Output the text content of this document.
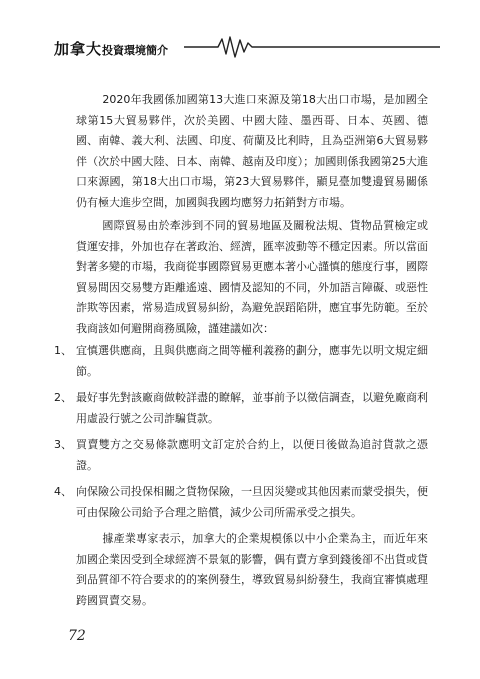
加拿大投資環境簡介

2020年我國係加國第13大進口來源及第18大出口市場，是加國全球第15大貿易夥伴，次於美國、中國大陸、墨西哥、日本、英國、德國、南韓、義大利、法國、印度、荷蘭及比利時，且為亞洲第6大貿易夥伴（次於中國大陸、日本、南韓、越南及印度）；加國則係我國第25大進口來源國，第18大出口市場，第23大貿易夥伴，顯見臺加雙邊貿易關係仍有極大進步空間，加國與我國均應努力拓銷對方市場。

國際貿易由於牽涉到不同的貿易地區及關稅法規、貨物品質檢定或貨運安排，外加也存在著政治、經濟，匯率波動等不穩定因素。所以當面對著多變的市場，我商從事國際貿易更應本著小心謹慎的態度行事，國際貿易間因交易雙方距離遙遠、國情及認知的不同，外加語言障礙、或惡性詐欺等因素，常易造成貿易糾紛，為避免誤蹈陷阱，應宜事先防範。至於我商該如何避開商務風險，謹建議如次：

1、 宜慎選供應商，且與供應商之間等權利義務的劃分，應事先以明文規定細節。
2、 最好事先對該廠商做較詳盡的瞭解，並事前予以徵信調查，以避免廠商利用虛設行號之公司詐騙貨款。
3、 買賣雙方之交易條款應明文訂定於合約上，以便日後做為追討貨款之憑證。
4、 向保險公司投保相關之貨物保險，一旦因災變或其他因素而蒙受損失，便可由保險公司給予合理之賠償，減少公司所需承受之損失。

據產業專家表示，加拿大的企業規模係以中小企業為主，而近年來加國企業因受到全球經濟不景氣的影響，偶有賣方拿到錢後卻不出貨或貨到品質卻不符合要求的的案例發生，導致貿易糾紛發生，我商宜審慎處理跨國買賣交易。

72
